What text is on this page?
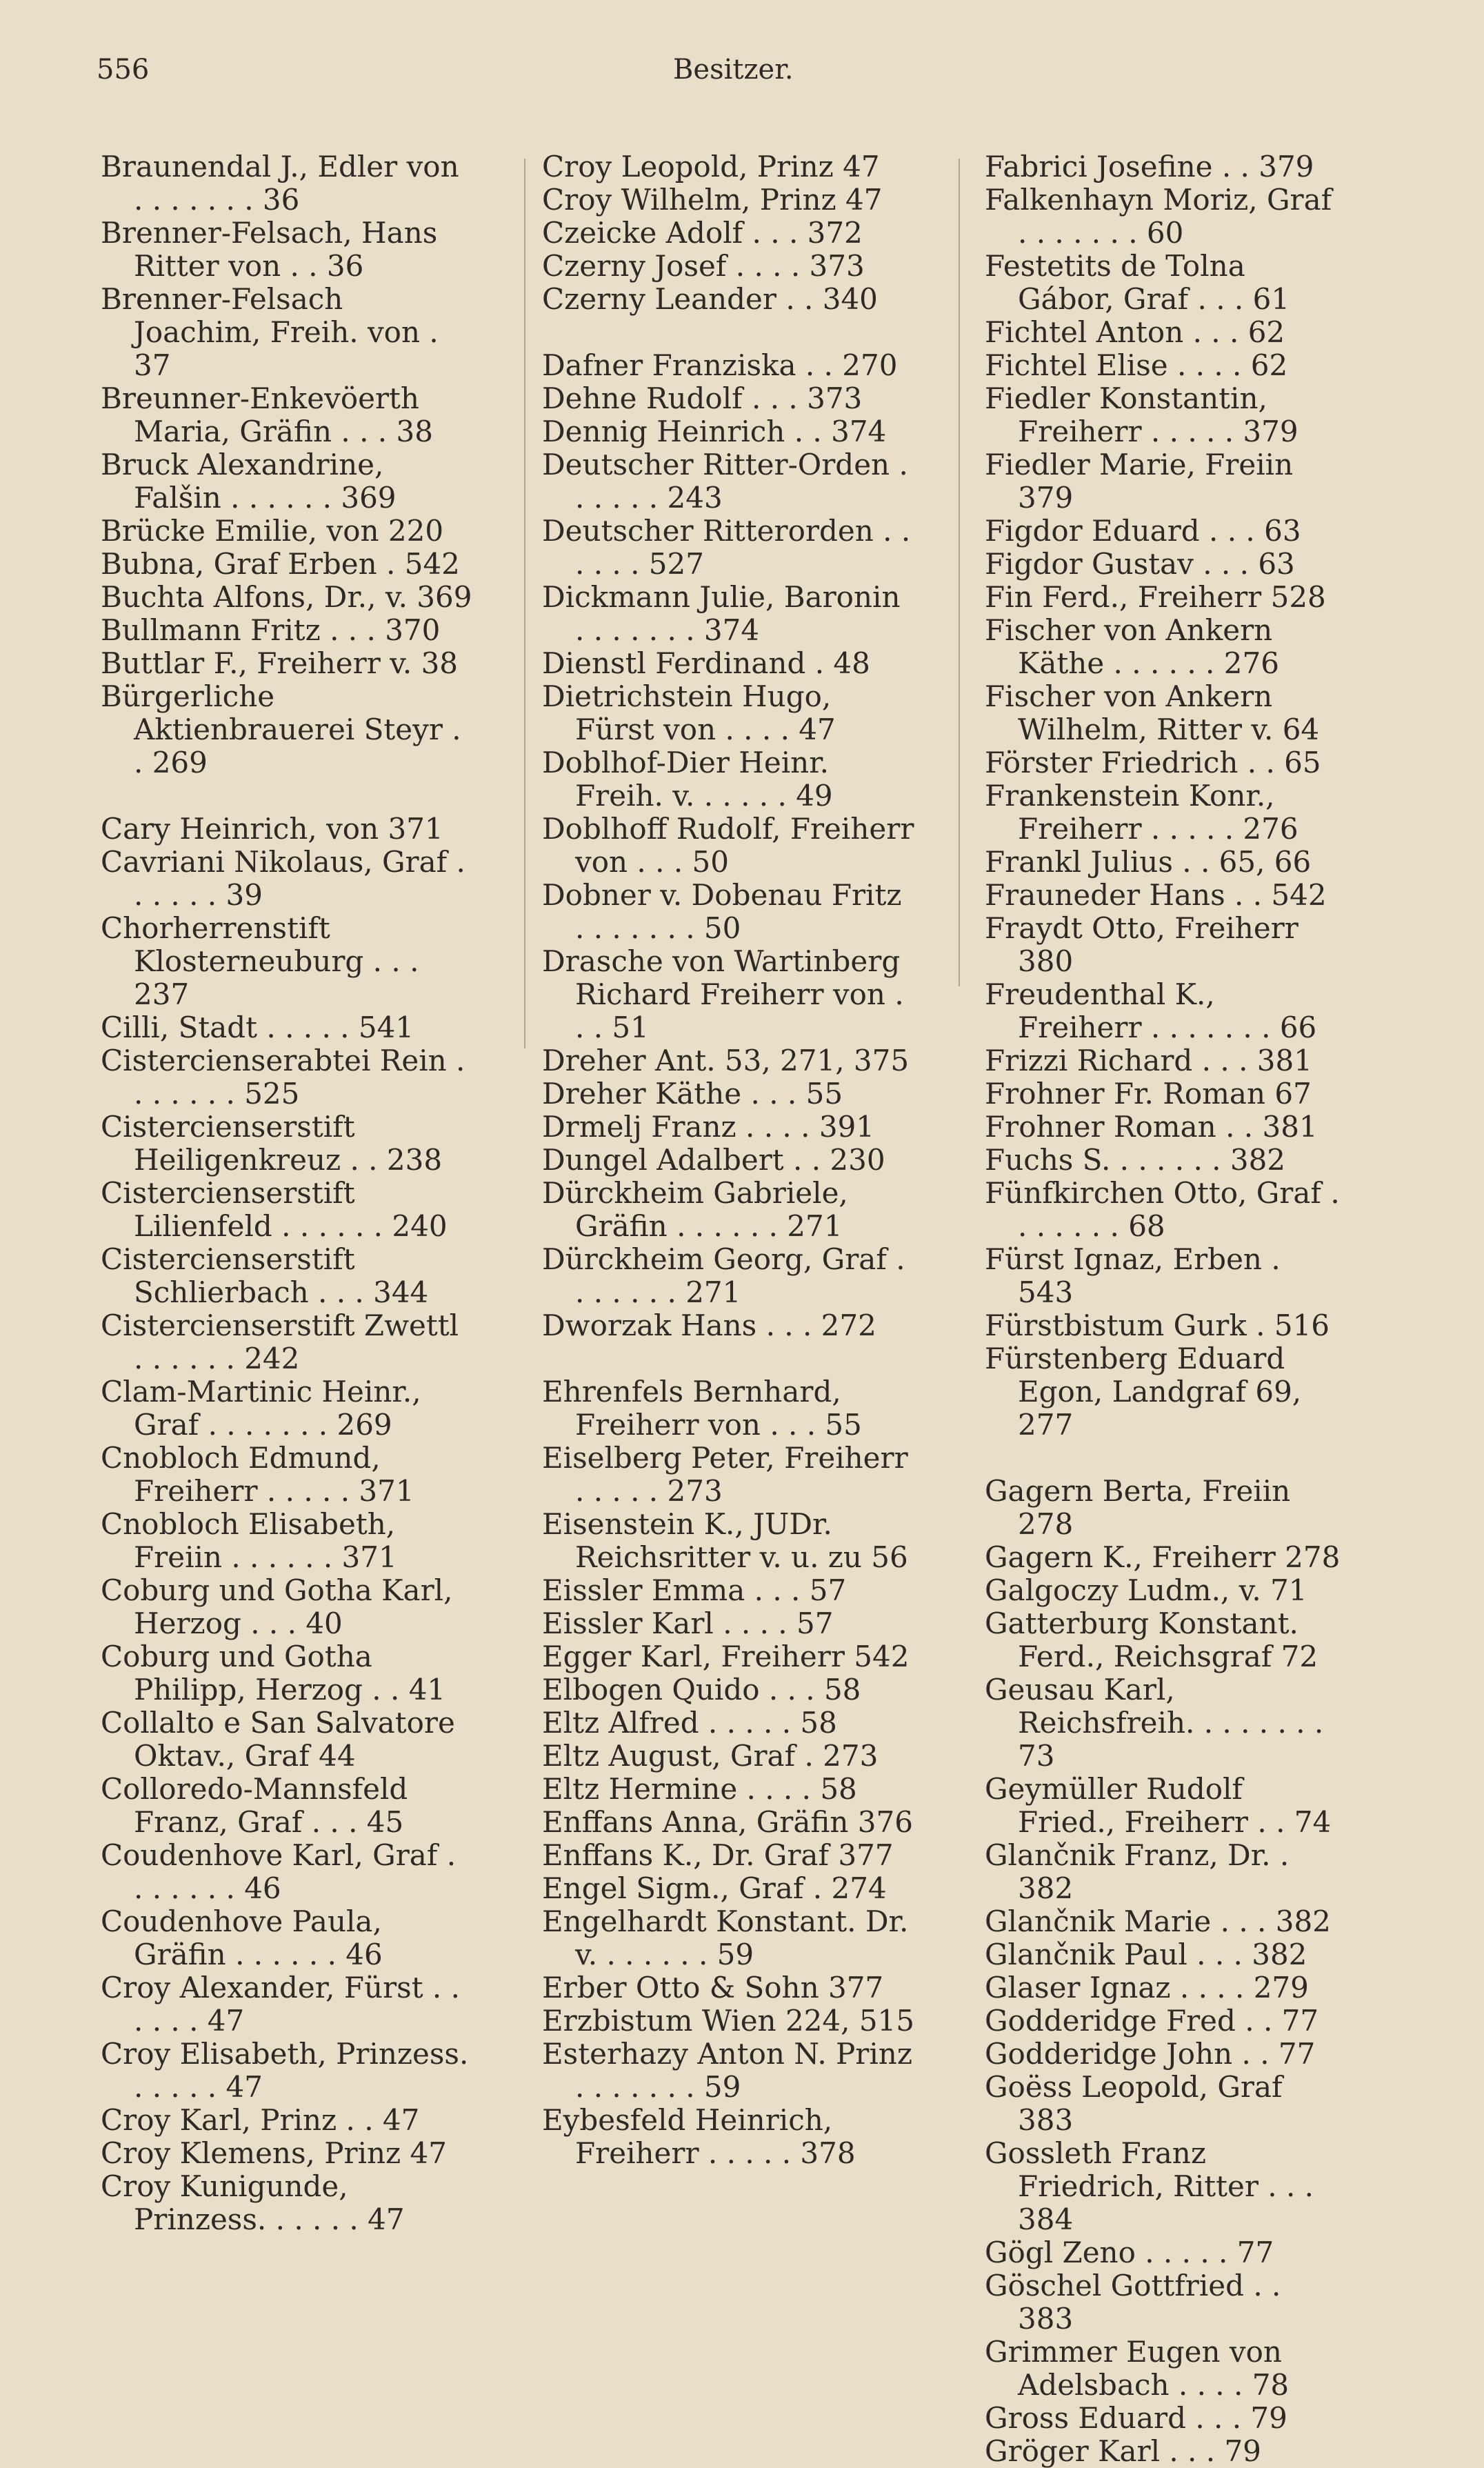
556	Besitzer.
Braunendal J., Edler von . . . . . . . 36
Brenner-Felsach, Hans Ritter von . . 36
Brenner-Felsach Joachim, Freih. von . 37
Breunner-Enkevöerth Maria, Gräfin . . . 38
Bruck Alexandrine, Falšin . . . . . . 369
Brücke Emilie, von 220
Bubna, Graf Erben . 542
Buchta Alfons, Dr., v. 369
Bullmann Fritz . . . 370
Buttlar F., Freiherr v. 38
Bürgerliche Aktienbrauerei Steyr . . 269
Cary Heinrich, von 371
Cavriani Nikolaus, Graf . . . . . . 39
Chorherrenstift Klosterneuburg . . . 237
Cilli, Stadt . . . . . 541
Cistercienserabtei Rein . . . . . . . 525
Cistercienserstift Heiligenkreuz . . 238
Cistercienserstift Lilienfeld . . . . . . 240
Cistercienserstift Schlierbach . . . 344
Cistercienserstift Zwettl . . . . . . 242
Clam-Martinic Heinr., Graf . . . . . . . 269
Cnobloch Edmund, Freiherr . . . . . 371
Cnobloch Elisabeth, Freiin . . . . . . 371
Coburg und Gotha Karl, Herzog . . . 40
Coburg und Gotha Philipp, Herzog . . 41
Collalto e San Salvatore Oktav., Graf 44
Colloredo-Mannsfeld Franz, Graf . . . 45
Coudenhove Karl, Graf . . . . . . . 46
Coudenhove Paula, Gräfin . . . . . . 46
Croy Alexander, Fürst . . . . . . 47
Croy Elisabeth, Prinzess. . . . . . 47
Croy Karl, Prinz . . 47
Croy Klemens, Prinz 47
Croy Kunigunde, Prinzess. . . . . . 47
Croy Leopold, Prinz 47
Croy Wilhelm, Prinz 47
Czeicke Adolf . . . 372
Czerny Josef . . . . 373
Czerny Leander . . 340
Dafner Franziska . . 270
Dehne Rudolf . . . 373
Dennig Heinrich . . 374
Deutscher Ritter-Orden . . . . . . 243
Deutscher Ritterorden . . . . . . 527
Dickmann Julie, Baronin . . . . . . . 374
Dienstl Ferdinand . 48
Dietrichstein Hugo, Fürst von . . . . 47
Doblhof-Dier Heinr. Freih. v. . . . . . 49
Doblhoff Rudolf, Freiherr von . . . 50
Dobner v. Dobenau Fritz . . . . . . . 50
Drasche von Wartinberg Richard Freiherr von . . . 51
Dreher Ant. 53, 271, 375
Dreher Käthe . . . 55
Drmelj Franz . . . . 391
Dungel Adalbert . . 230
Dürckheim Gabriele, Gräfin . . . . . . 271
Dürckheim Georg, Graf . . . . . . . 271
Dworzak Hans . . . 272
Ehrenfels Bernhard, Freiherr von . . . 55
Eiselberg Peter, Freiherr . . . . . 273
Eisenstein K., JUDr. Reichsritter v. u. zu 56
Eissler Emma . . . 57
Eissler Karl . . . . 57
Egger Karl, Freiherr 542
Elbogen Quido . . . 58
Eltz Alfred . . . . . 58
Eltz August, Graf . 273
Eltz Hermine . . . . 58
Enffans Anna, Gräfin 376
Enffans K., Dr. Graf 377
Engel Sigm., Graf . 274
Engelhardt Konstant. Dr. v. . . . . . . 59
Erber Otto & Sohn 377
Erzbistum Wien 224, 515
Esterhazy Anton N. Prinz . . . . . . . 59
Eybesfeld Heinrich, Freiherr . . . . . 378
Fabrici Josefine . . 379
Falkenhayn Moriz, Graf . . . . . . . 60
Festetits de Tolna Gábor, Graf . . . 61
Fichtel Anton . . . 62
Fichtel Elise . . . . 62
Fiedler Konstantin, Freiherr . . . . . 379
Fiedler Marie, Freiin 379
Figdor Eduard . . . 63
Figdor Gustav . . . 63
Fin Ferd., Freiherr 528
Fischer von Ankern Käthe . . . . . . 276
Fischer von Ankern Wilhelm, Ritter v. 64
Förster Friedrich . . 65
Frankenstein Konr., Freiherr . . . . . 276
Frankl Julius . . 65, 66
Frauneder Hans . . 542
Fraydt Otto, Freiherr 380
Freudenthal K., Freiherr . . . . . . . 66
Frizzi Richard . . . 381
Frohner Fr. Roman 67
Frohner Roman . . 381
Fuchs S. . . . . . . 382
Fünfkirchen Otto, Graf . . . . . . . 68
Fürst Ignaz, Erben . 543
Fürstbistum Gurk . 516
Fürstenberg Eduard Egon, Landgraf 69, 277
Gagern Berta, Freiin 278
Gagern K., Freiherr 278
Galgoczy Ludm., v. 71
Gatterburg Konstant. Ferd., Reichsgraf 72
Geusau Karl, Reichsfreih. . . . . . . . 73
Geymüller Rudolf Fried., Freiherr . . 74
Glančnik Franz, Dr. . 382
Glančnik Marie . . . 382
Glančnik Paul . . . 382
Glaser Ignaz . . . . 279
Godderidge Fred . . 77
Godderidge John . . 77
Goëss Leopold, Graf 383
Gossleth Franz Friedrich, Ritter . . . 384
Gögl Zeno . . . . . 77
Göschel Gottfried . . 383
Grimmer Eugen von Adelsbach . . . . 78
Gross Eduard . . . 79
Gröger Karl . . . 79
